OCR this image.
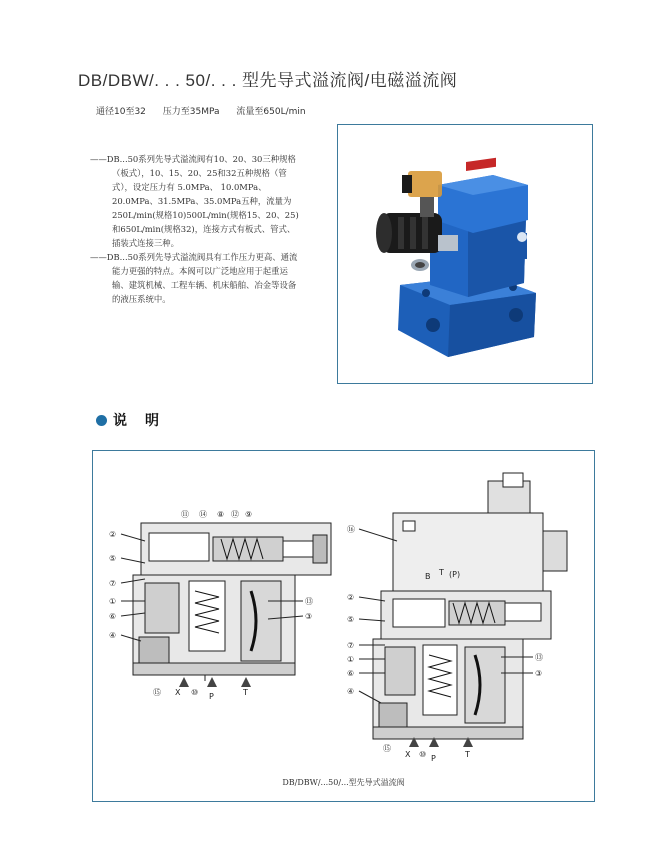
DB/DBW/. . . 50/. . . 型先导式溢流阀/电磁溢流阀
通径10至32 压力至35MPa 流量至650L/min

——DB...50系列先导式溢流阀有10、20、30三种规格（板式），10、15、20、25和32五种规格（管式），设定压力有 5.0MPa、 10.0MPa、 20.0MPa、31.5MPa、35.0MPa五种，流量为250L/min(规格10)500L/min(规格15、20、25)和650L/min(规格32)，连接方式有板式、管式、插装式连接三种。

——DB...50系列先导式溢流阀具有工作压力更高、通流能力更强的特点。本阀可以广泛地应用于起重运输、建筑机械、工程车辆、机床船舶、冶金等设备的液压系统中。

说明
②
⑤
⑦
①
⑥
④
⑪ ⑭ ⑧ ⑫ ⑨
⑬
③
⑮ X ⑩ P	T
⑯
②
⑤
⑦
①
⑥
④
⑬
③
B T (P)
⑮
X ⑩ P	T
DB/DBW/...50/...型先导式溢流阀
